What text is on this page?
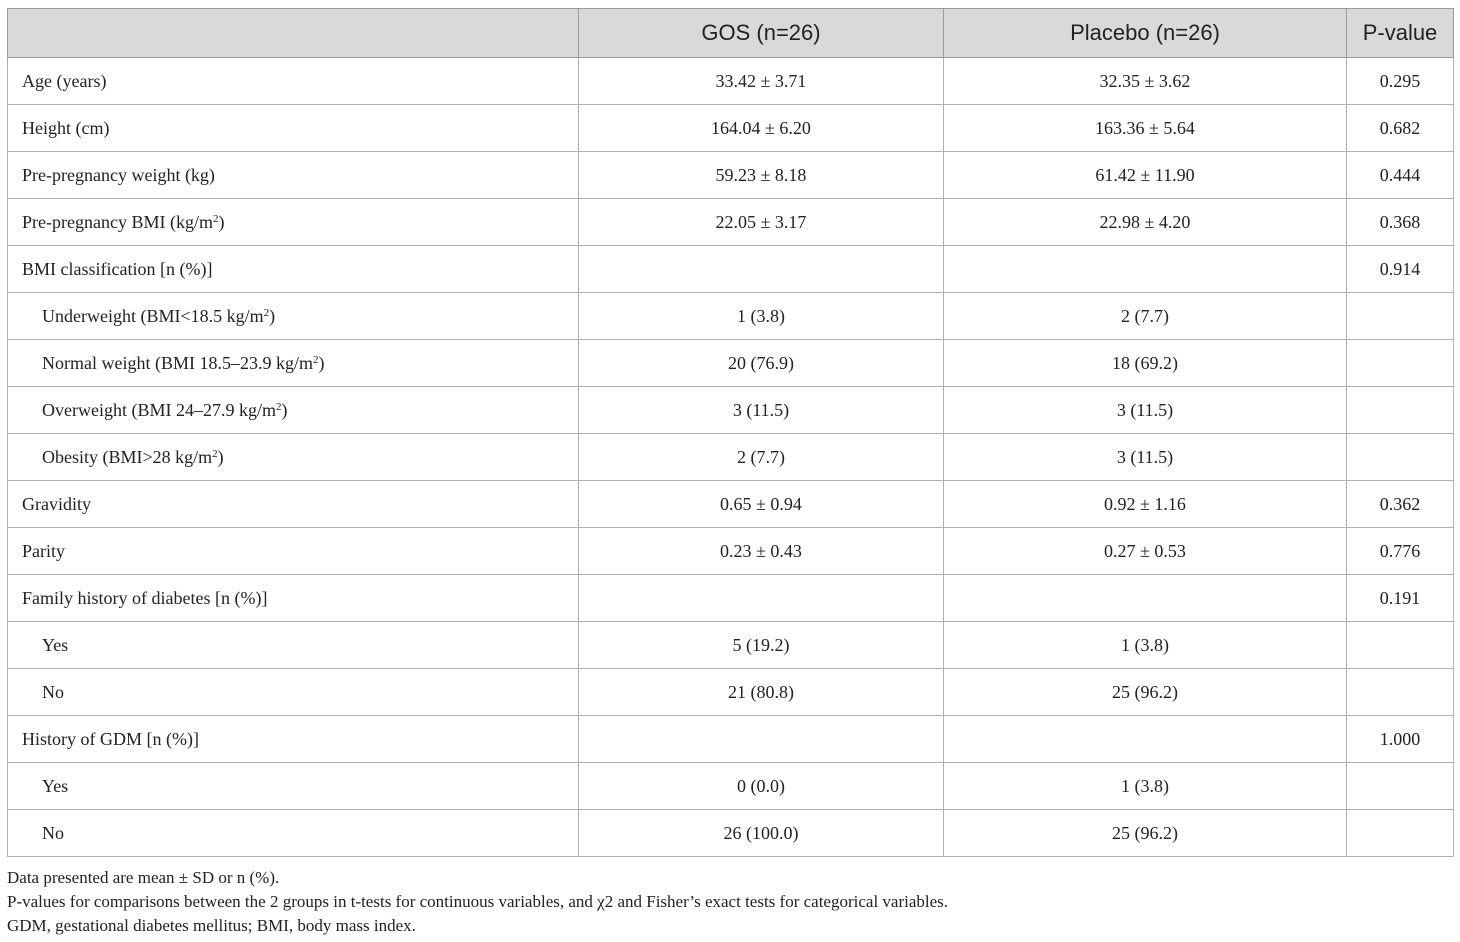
	GOS (n=26)	Placebo (n=26)	P-value
Age (years)	33.42 ± 3.71	32.35 ± 3.62	0.295
Height (cm)	164.04 ± 6.20	163.36 ± 5.64	0.682
Pre-pregnancy weight (kg)	59.23 ± 8.18	61.42 ± 11.90	0.444
Pre-pregnancy BMI $(kg/m^2)$	22.05 ± 3.17	22.98 ± 4.20	0.368
BMI classification [n (%)]			0.914
Underweight (BMI<18.5 $kg/m^2$)	1 (3.8)	2 (7.7)	
Normal weight (BMI 18.5–23.9 $kg/m^2$)	20 (76.9)	18 (69.2)	
Overweight (BMI 24–27.9 $kg/m^2$)	3 (11.5)	3 (11.5)	
Obesity (BMI>28 $kg/m^2$)	2 (7.7)	3 (11.5)	
Gravidity	0.65 ± 0.94	0.92 ± 1.16	0.362
Parity	0.23 ± 0.43	0.27 ± 0.53	0.776
Family history of diabetes [n (%)]			0.191
Yes	5 (19.2)	1 (3.8)	
No	21 (80.8)	25 (96.2)	
History of GDM [n (%)]			1.000
Yes	0 (0.0)	1 (3.8)	
No	26 (100.0)	25 (96.2)	
Data presented are mean ± SD or n (%).
P-values for comparisons between the 2 groups in t-tests for continuous variables, and χ2 and Fisher’s exact tests for categorical variables.
GDM, gestational diabetes mellitus; BMI, body mass index.
